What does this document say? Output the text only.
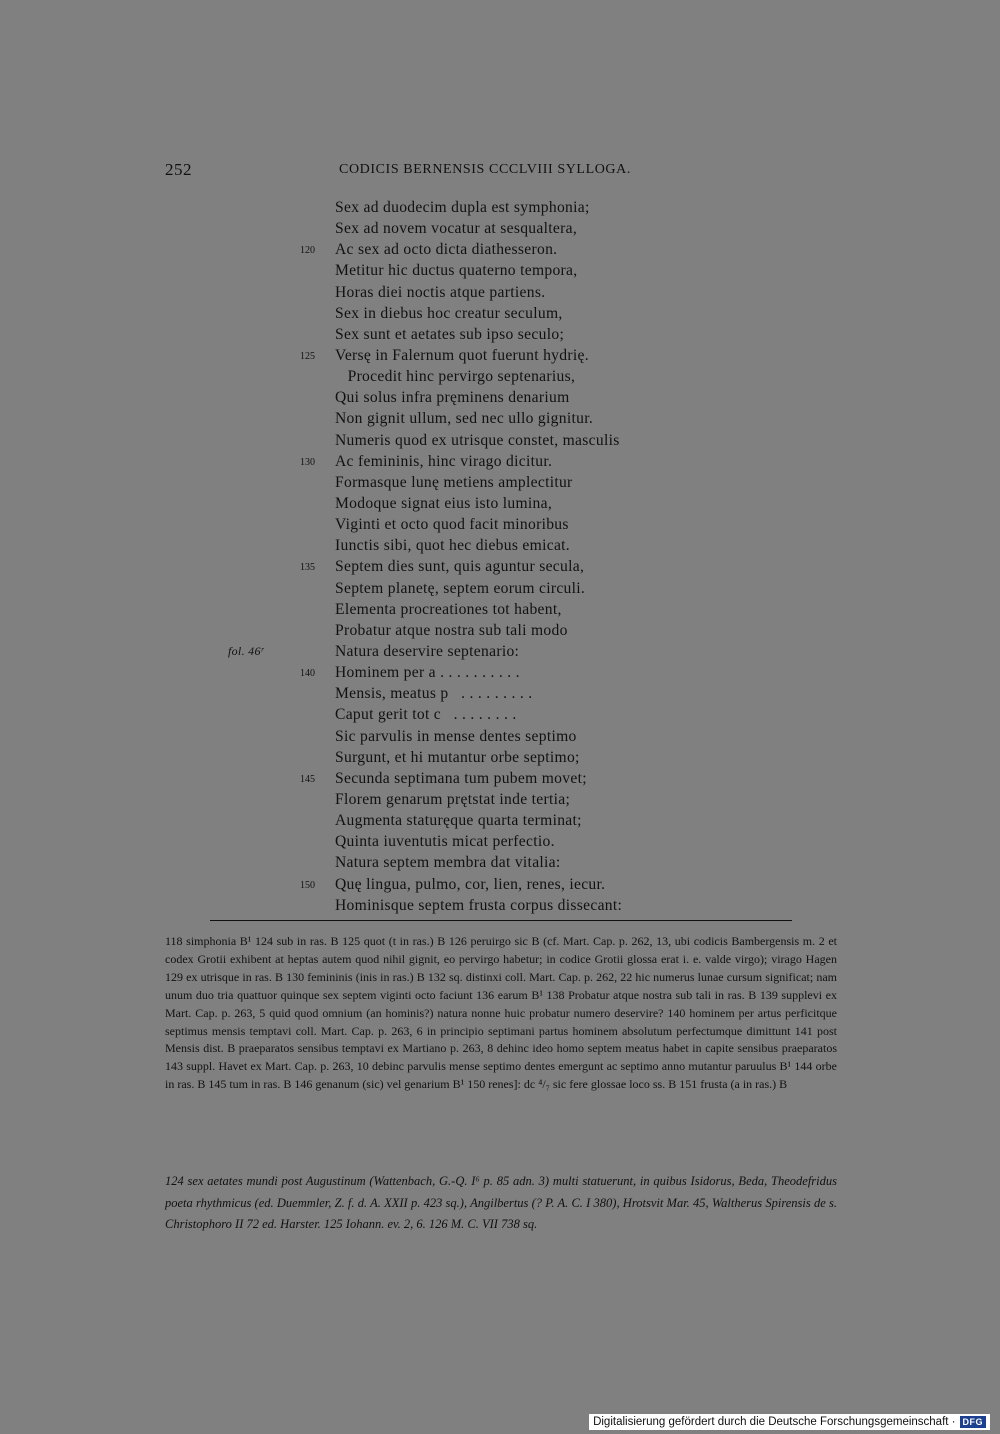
252	CODICIS BERNENSIS CCCLVIII SYLLOGA.
Sex ad duodecim dupla est symphonia;
Sex ad novem vocatur at sesqualtera,
120 Ac sex ad octo dicta diathesseron.
Metitur hic ductus quaterno tempora,
Horas diei noctis atque partiens.
Sex in diebus hoc creatur seculum,
Sex sunt et aetates sub ipso seculo;
125 Versę in Falernum quot fuerunt hydrię.
Procedit hinc pervirgo septenarius,
Qui solus infra pręminens denarium
Non gignit ullum, sed nec ullo gignitur.
Numeris quod ex utrisque constet, masculis
130 Ac femininis, hinc virago dicitur.
Formasque lunę metiens amplectitur
Modoque signat eius isto lumina,
Viginti et octo quod facit minoribus
Iunctis sibi, quot hec diebus emicat.
135 Septem dies sunt, quis aguntur secula,
Septem planetę, septem eorum circuli.
Elementa procreationes tot habent,
Probatur atque nostra sub tali modo
fol. 46ʳ	Natura deservire septenario:
140 Hominem per a . . . . . . . . . .
Mensis, meatus p   . . . . . . . . .
Caput gerit tot c   . . . . . . . .
Sic parvulis in mense dentes septimo
Surgunt, et hi mutantur orbe septimo;
145 Secunda septimana tum pubem movet;
Florem genarum prętstat inde tertia;
Augmenta staturęque quarta terminat;
Quinta iuventutis micat perfectio.
Natura septem membra dat vitalia:
150 Quę lingua, pulmo, cor, lien, renes, iecur.
Hominisque septem frusta corpus dissecant:

118 simphonia B¹ 124 sub in ras. B 125 quot (t in ras.) B 126 peruirgo sic B (cf. Mart. Cap. p. 262, 13, ubi codicis Bambergensis m. 2 et codex Grotii exhibent at heptas autem quod nihil gignit, eo pervirgo habetur; in codice Grotii glossa erat i. e. valde virgo); virago Hagen 129 ex utrisque in ras. B 130 femininis (inis in ras.) B 132 sq. distinxi coll. Mart. Cap. p. 262, 22 hic numerus lunae cursum significat; nam unum duo tria quattuor quinque sex septem viginti octo faciunt 136 earum B¹ 138 Probatur atque nostra sub tali in ras. B 139 supplevi ex Mart. Cap. p. 263, 5 quid quod omnium (an hominis?) natura nonne huic probatur numero deservire? 140 hominem per artus perficitque septimus mensis temptavi coll. Mart. Cap. p. 263, 6 in principio septimani partus hominem absolutum perfectumque dimittunt 141 post Mensis dist. B praeparatos sensibus temptavi ex Martiano p. 263, 8 dehinc ideo homo septem meatus habet in capite sensibus praeparatos 143 suppl. Havet ex Mart. Cap. p. 263, 10 debinc parvulis mense septimo dentes emergunt ac septimo anno mutantur paruulus B¹ 144 orbe in ras. B 145 tum in ras. B 146 genanum (sic) vel genarium B¹ 150 renes]: dc ⁴/₇ sic fere glossae loco ss. B 151 frusta (a in ras.) B

124 sex aetates mundi post Augustinum (Wattenbach, G.-Q. I⁶ p. 85 adn. 3) multi statuerunt, in quibus Isidorus, Beda, Theodefridus poeta rhythmicus (ed. Duemmler, Z. f. d. A. XXII p. 423 sq.), Angilbertus (? P. A. C. I 380), Hrotsvit Mar. 45, Waltherus Spirensis de s. Christophoro II 72 ed. Harster. 125 Iohann. ev. 2, 6. 126 M. C. VII 738 sq.

Digitalisierung gefördert durch die Deutsche Forschungsgemeinschaft · DFG
